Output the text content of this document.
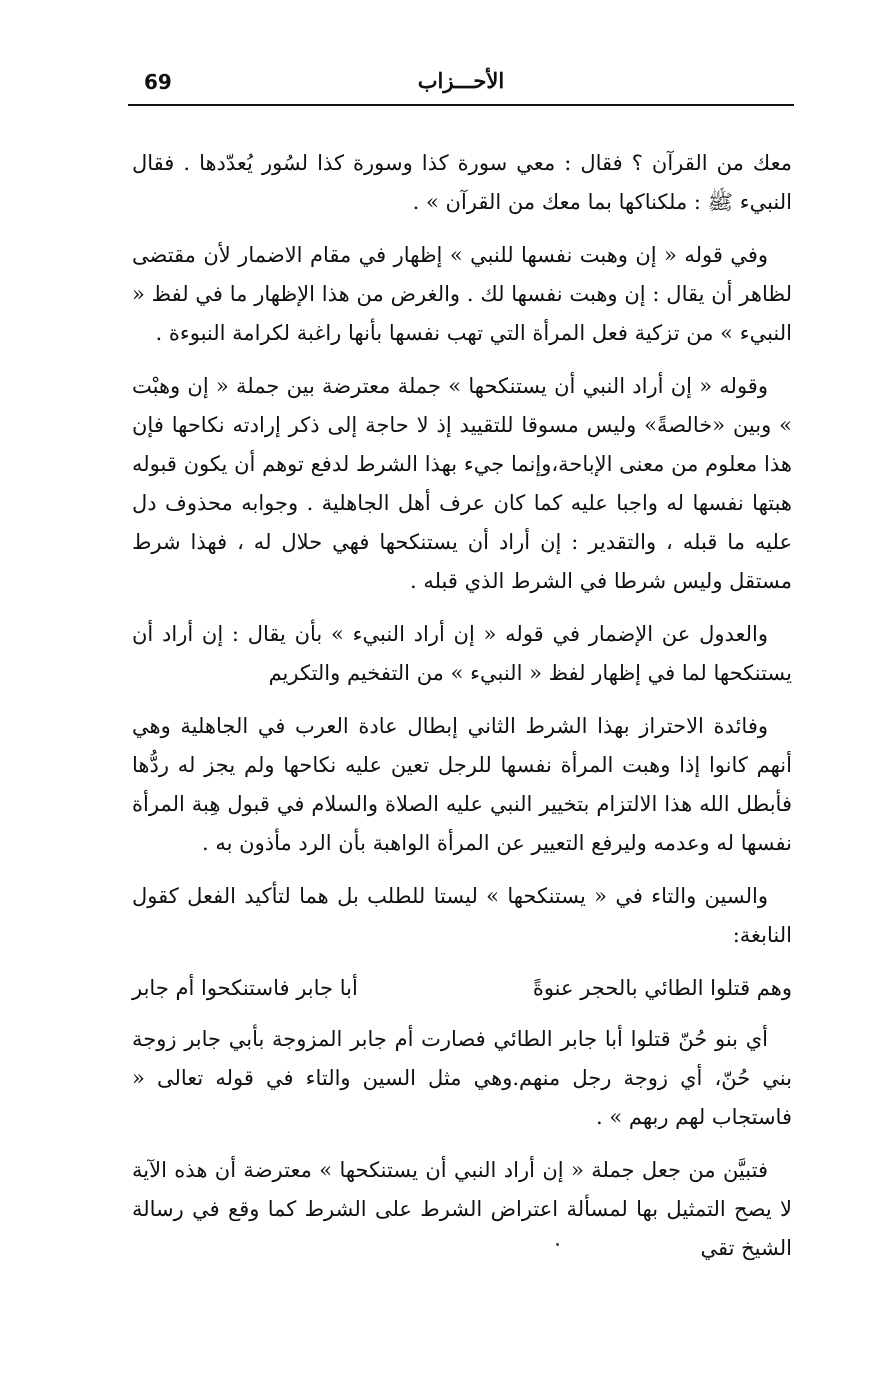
69	الأحـــزاب

معك من القرآن ؟ فقال : معي سورة كذا وسورة كذا لسُور يُعدّدها . فقال النبيء ﷺ : ملكناكها بما معك من القرآن » .

وفي قوله « إن وهبت نفسها للنبي » إظهار في مقام الاضمار لأن مقتضى لظاهر أن يقال : إن وهبت نفسها لك . والغرض من هذا الإظهار ما في لفظ « النبيء » من تزكية فعل المرأة التي تهب نفسها بأنها راغبة لكرامة النبوءة .

وقوله « إن أراد النبي أن يستنكحها » جملة معترضة بين جملة « إن وهبْت » وبين «خالصةً» وليس مسوقا للتقييد إذ لا حاجة إلى ذكر إرادته نكاحها فإن هذا معلوم من معنى الإباحة،وإنما جيء بهذا الشرط لدفع توهم أن يكون قبوله هبتها نفسها له واجبا عليه كما كان عرف أهل الجاهلية . وجوابه محذوف دل عليه ما قبله ، والتقدير : إن أراد أن يستنكحها فهي حلال له ، فهذا شرط مستقل وليس شرطا في الشرط الذي قبله .

والعدول عن الإضمار في قوله « إن أراد النبيء » بأن يقال : إن أراد أن يستنكحها لما في إظهار لفظ « النبيء » من التفخيم والتكريم

وفائدة الاحتراز بهذا الشرط الثاني إبطال عادة العرب في الجاهلية وهي أنهم كانوا إذا وهبت المرأة نفسها للرجل تعين عليه نكاحها ولم يجز له ردُّها فأبطل الله هذا الالتزام بتخيير النبي عليه الصلاة والسلام في قبول هِبة المرأة نفسها له وعدمه وليرفع التعيير عن المرأة الواهبة بأن الرد مأذون به .

والسين والتاء في « يستنكحها » ليستا للطلب بل هما لتأكيد الفعل كقول النابغة:

وهم قتلوا الطائي بالحجر عنوةً
أبا جابر فاستنكحوا أم جابر

أي بنو حُنّ قتلوا أبا جابر الطائي فصارت أم جابر المزوجة بأبي جابر زوجة بني حُنّ، أي زوجة رجل منهم.وهي مثل السين والتاء في قوله تعالى « فاستجاب لهم ربهم » .

فتبيَّن من جعل جملة « إن أراد النبي أن يستنكحها » معترضة أن هذه الآية لا يصح التمثيل بها لمسألة اعتراض الشرط على الشرط كما وقع في رسالة الشيخ تقي
